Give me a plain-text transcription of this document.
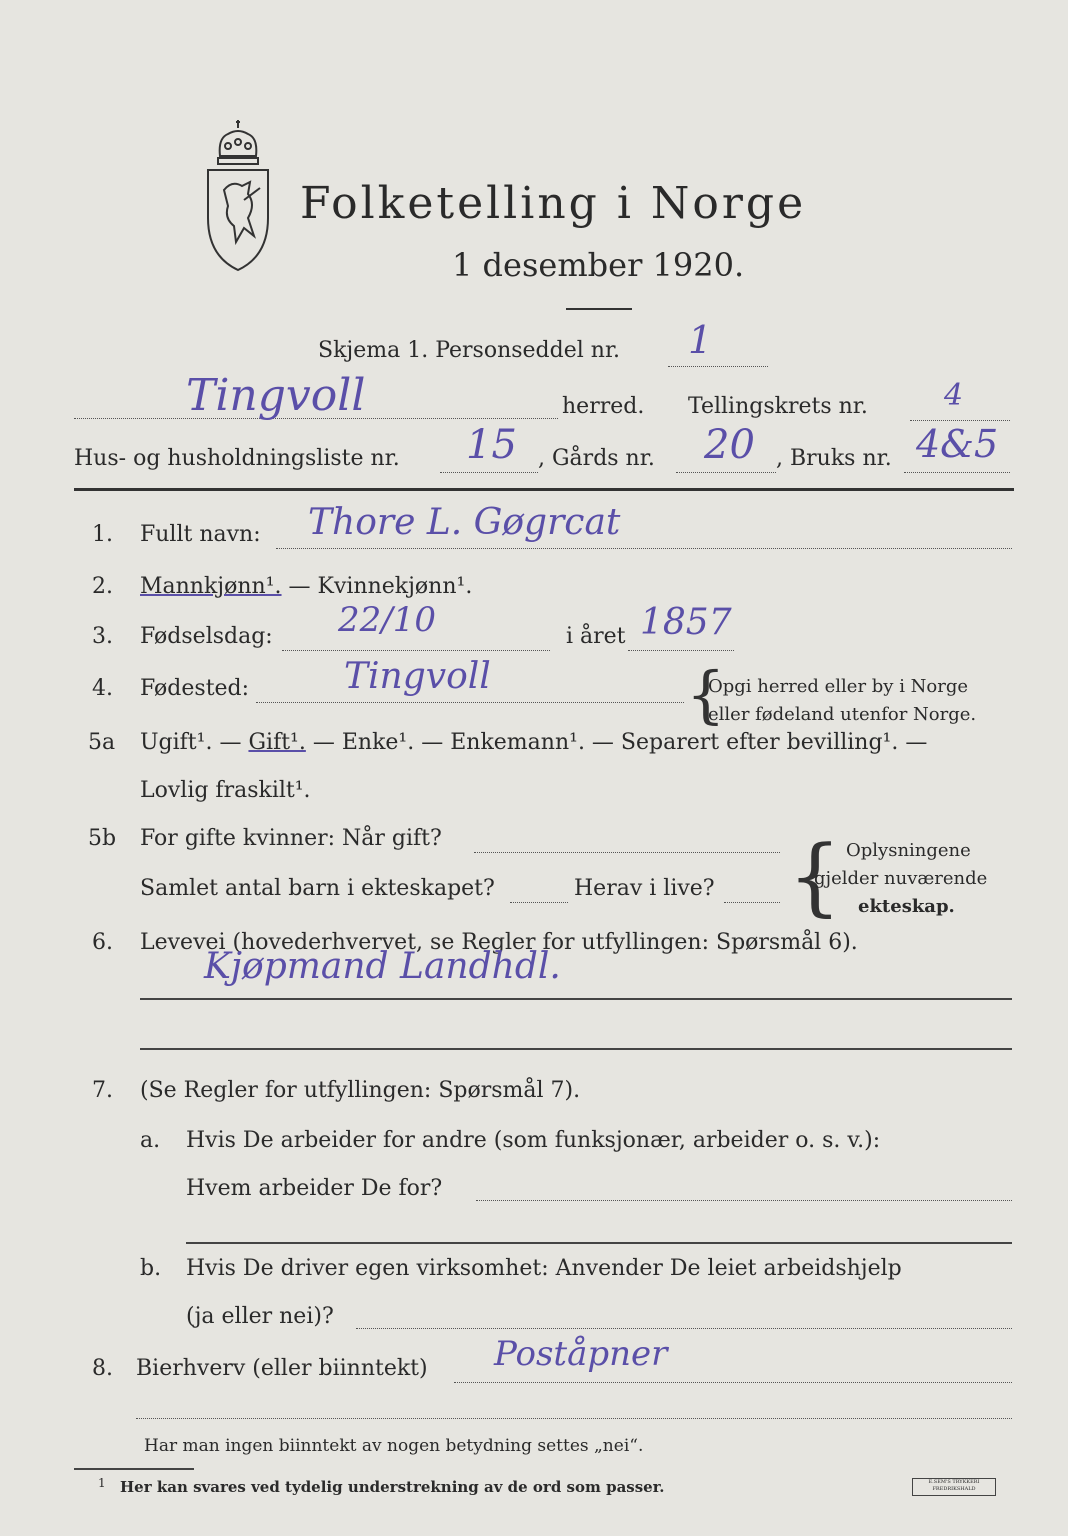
Folketelling i Norge
1 desember 1920.
Skjema 1. Personseddel nr. 1
Tingvoll	herred. Tellingskrets nr.	4
Hus- og husholdningsliste nr. 15 , Gårds nr. 20 , Bruks nr. 4&5
1. Fullt navn: Thore L. Gøgrcat
2. Mannkjønn¹. — Kvinnekjønn¹.
3. Fødselsdag: 22/10	i året 1857
4. Fødested:	Tingvoll	{
Opgi herred eller by i Norge
eller fødeland utenfor Norge.
5a Ugift¹. — Gift¹. — Enke¹. — Enkemann¹. — Separert efter bevilling¹. —
Lovlig fraskilt¹.
5b For gifte kvinner: Når gift?
Samlet antal barn i ekteskapet?	Herav i live? { Oplysningene
gjelder nuværende
ekteskap.
6. Levevei (hovederhvervet, se Regler for utfyllingen: Spørsmål 6).
Kjøpmand Landhdl.
7. (Se Regler for utfyllingen: Spørsmål 7).
a. Hvis De arbeider for andre (som funksjonær, arbeider o. s. v.):
Hvem arbeider De for?
b. Hvis De driver egen virksomhet: Anvender De leiet arbeidshjelp
(ja eller nei)?
8. Bierhverv (eller biinntekt) Poståpner
Har man ingen biinntekt av nogen betydning settes „nei“.
1 Her kan svares ved tydelig understrekning av de ord som passer.	E.SEM'S TRYKKERI FREDRIKSHALD
